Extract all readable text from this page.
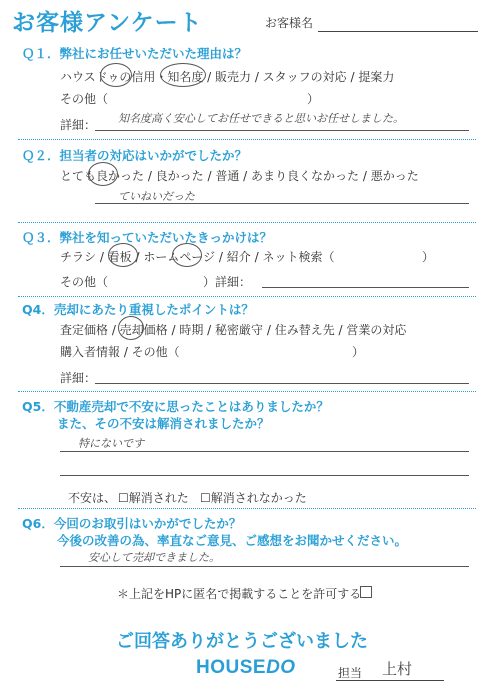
お客様アンケート	お客様名
Ｑ１．弊社にお任せいただいた理由は？
ハウスドゥの信用・知名度 / 販売力 / スタッフの対応 / 提案力
その他（	）
詳細： 知名度高く安心してお任せできると思いお任せしました。
Ｑ２．担当者の対応はいかがでしたか？
とても良かった / 良かった / 普通 / あまり良くなかった / 悪かった
ていねいだった
Ｑ３．弊社を知っていただいたきっかけは？
チラシ / 看板 / ホームページ / 紹介 / ネット検索（	）
その他（	）詳細：
Q4．売却にあたり重視したポイントは？
査定価格 / 売却価格 / 時期 / 秘密厳守 / 住み替え先 / 営業の対応
購入者情報 / その他（	）
詳細：
Q5．不動産売却で不安に思ったことはありましたか？
また、その不安は解消されましたか？
特にないです
不安は、 ☐解消された ☐解消されなかった
Q6．今回のお取引はいかがでしたか？
今後の改善の為、率直なご意見、ご感想をお聞かせください。
安心して売却できました。
＊上記をHPに匿名で掲載することを許可する
ご回答ありがとうございました
HOUSEDO	担当 上村
